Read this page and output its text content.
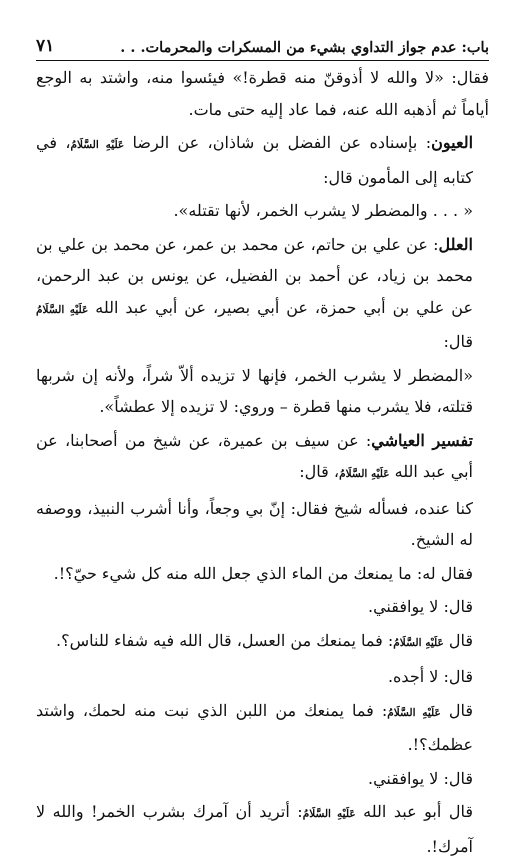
باب: عدم جواز التداوي بشيء من المسكرات والمحرمات. . .
٧١

فقال: «لا والله لا أذوقنّ منه قطرة!» فيئسوا منه، واشتد به الوجع أياماً ثم أذهبه الله عنه، فما عاد إليه حتى مات.

العيون: بإسناده عن الفضل بن شاذان، عن الرضا عَلَيْهِ السَّلَامُ، في كتابه إلى المأمون قال:

« . . . والمضطر لا يشرب الخمر، لأنها تقتله».

العلل: عن علي بن حاتم، عن محمد بن عمر، عن محمد بن علي بن محمد بن زياد، عن أحمد بن الفضيل، عن يونس بن عبد الرحمن، عن علي بن أبي حمزة، عن أبي بصير، عن أبي عبد الله عَلَيْهِ السَّلَامُ قال:

«المضطر لا يشرب الخمر، فإنها لا تزيده ألاّ شراً، ولأنه إن شربها قتلته، فلا يشرب منها قطرة – وروي: لا تزيده إلا عطشاً».

تفسير العياشي: عن سيف بن عميرة، عن شيخ من أصحابنا، عن أبي عبد الله عَلَيْهِ السَّلَامُ، قال:

كنا عنده، فسأله شيخ فقال: إنّ بي وجعاً، وأنا أشرب النبيذ، ووصفه له الشيخ.

فقال له: ما يمنعك من الماء الذي جعل الله منه كل شيء حيّ؟!.

قال: لا يوافقني.

قال عَلَيْهِ السَّلَامُ: فما يمنعك من العسل، قال الله فيه شفاء للناس؟.

قال: لا أجده.

قال عَلَيْهِ السَّلَامُ: فما يمنعك من اللبن الذي نبت منه لحمك، واشتد عظمك؟!.

قال: لا يوافقني.

قال أبو عبد الله عَلَيْهِ السَّلَامُ: أتريد أن آمرك بشرب الخمر! والله لا آمرك!.
